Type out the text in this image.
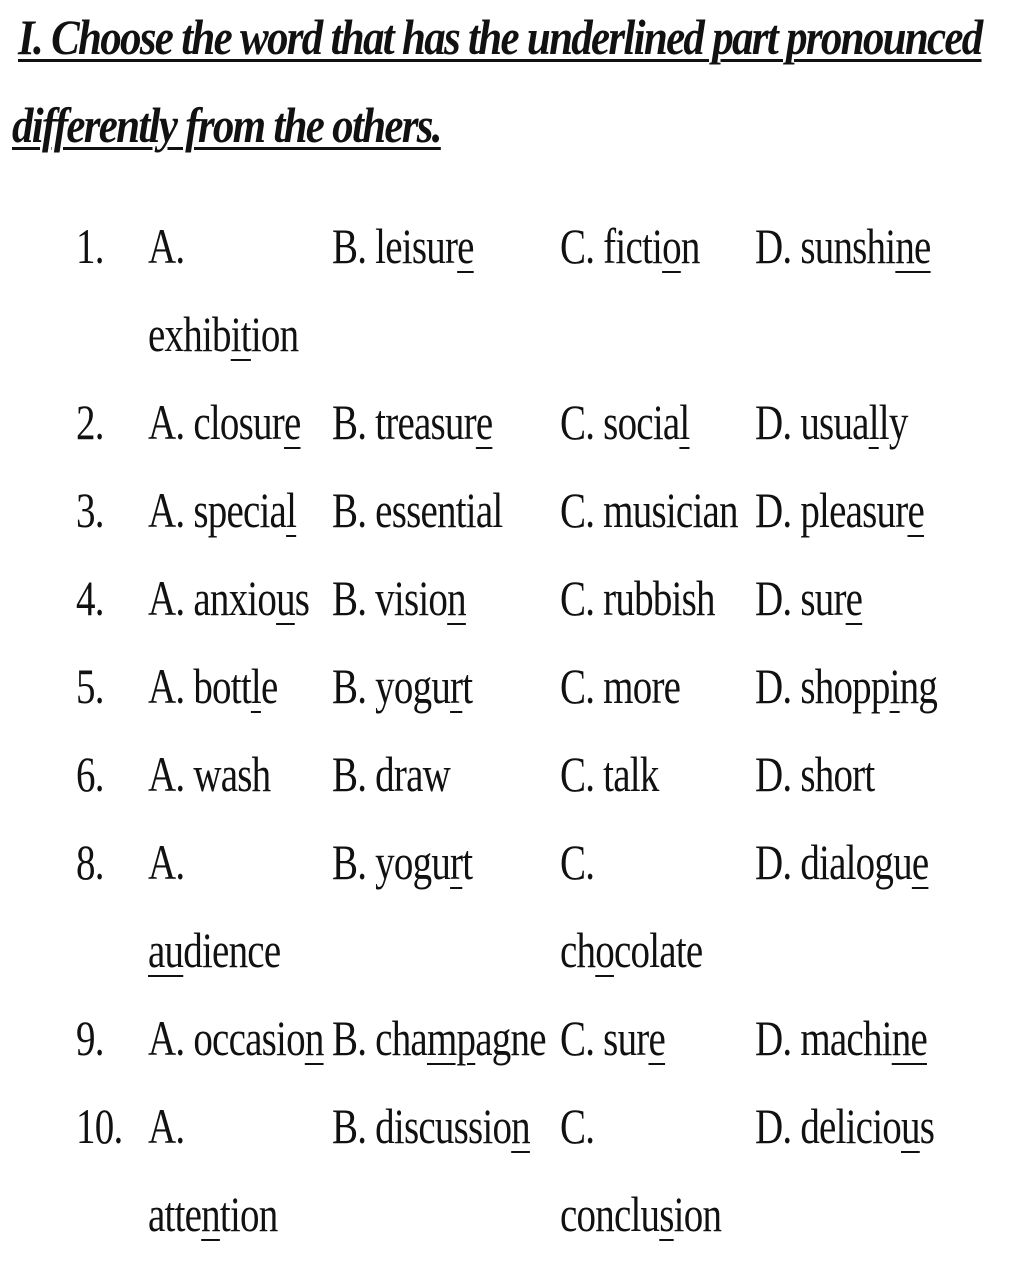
I. Choose the word that has the underlined part pronounced
differently from the others.
1. A.
exhibition
B. leisure C. fiction D. sunshine
2. A. closure B. treasure C. social D. usually
3. A. special B. essential C. musician D. pleasure
4. A. anxious B. vision C. rubbish D. sure
5. A. bottle B. yogurt C. more D. shopping
6. A. wash B. draw C. talk D. short
8. A.
audience
B. yogurt C.
chocolate
D. dialogue
9. A. occasion B. champagne C. sure D. machine
10. A.
attention
B. discussion C.
conclusion
D. delicious
